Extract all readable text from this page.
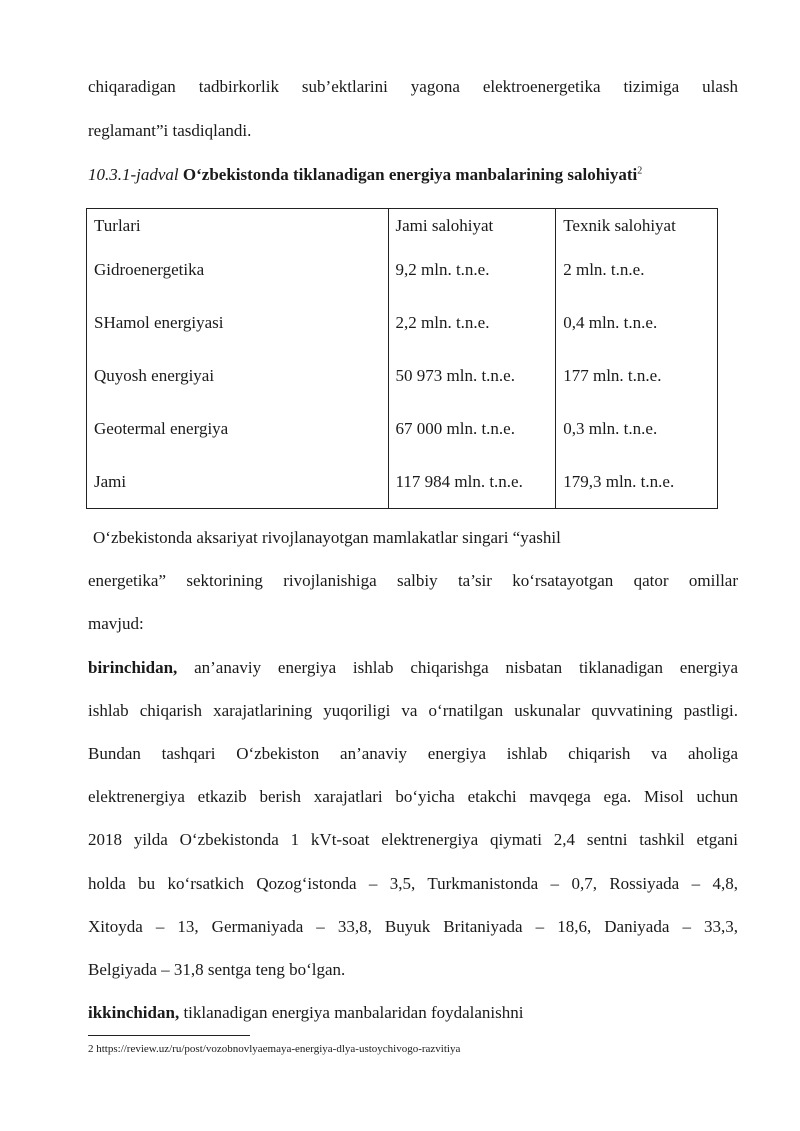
chiqaradigan tadbirkorlik sub’ektlarini yagona elektroenergetika tizimiga ulash
reglamant”i tasdiqlandi.
10.3.1-jadval O‘zbekistonda tiklanadigan energiya manbalarining salohiyati$^2$
Turlari	Jami salohiyat	Texnik salohiyat
Gidroenergetika	9,2 mln. t.n.e.	2 mln. t.n.e.
SHamol energiyasi	2,2 mln. t.n.e.	0,4 mln. t.n.e.
Quyosh energiyai	50 973 mln. t.n.e.	177 mln. t.n.e.
Geotermal energiya	67 000 mln. t.n.e.	0,3 mln. t.n.e.
Jami	117 984 mln. t.n.e.	179,3 mln. t.n.e.
O‘zbekistonda aksariyat rivojlanayotgan mamlakatlar singari “yashil
energetika” sektorining rivojlanishiga salbiy ta’sir ko‘rsatayotgan qator omillar
mavjud:
birinchidan, an’anaviy energiya ishlab chiqarishga nisbatan tiklanadigan energiya
ishlab chiqarish xarajatlarining yuqoriligi va o‘rnatilgan uskunalar quvvatining pastligi.
Bundan tashqari O‘zbekiston an’anaviy energiya ishlab chiqarish va aholiga
elektrenergiya etkazib berish xarajatlari bo‘yicha etakchi mavqega ega. Misol uchun
2018 yilda O‘zbekistonda 1 kVt-soat elektrenergiya qiymati 2,4 sentni tashkil etgani
holda bu ko‘rsatkich Qozog‘istonda – 3,5, Turkmanistonda – 0,7, Rossiyada – 4,8,
Xitoyda – 13, Germaniyada – 33,8, Buyuk Britaniyada – 18,6, Daniyada – 33,3,
Belgiyada – 31,8 sentga teng bo‘lgan.
ikkinchidan, tiklanadigan energiya manbalaridan foydalanishni
2 https://review.uz/ru/post/vozobnovlyaemaya-energiya-dlya-ustoychivogo-razvitiya
